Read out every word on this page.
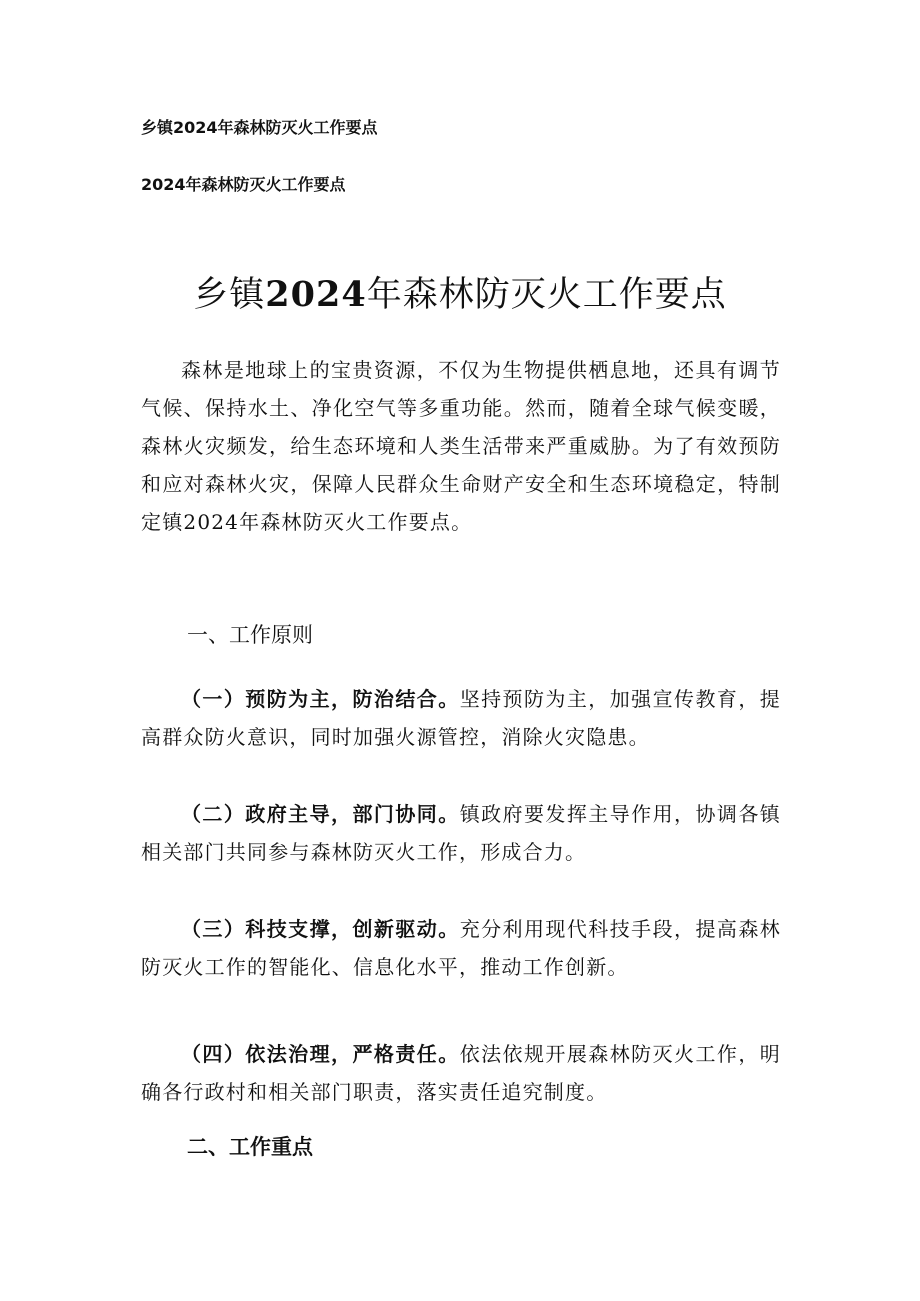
乡镇2024年森林防灭火工作要点
2024年森林防灭火工作要点
乡镇2024年森林防灭火工作要点

森林是地球上的宝贵资源，不仅为生物提供栖息地，还具有调节气候、保持水土、净化空气等多重功能。然而，随着全球气候变暖，森林火灾频发，给生态环境和人类生活带来严重威胁。为了有效预防和应对森林火灾，保障人民群众生命财产安全和生态环境稳定，特制定镇2024年森林防灭火工作要点。

一、工作原则

（一）预防为主，防治结合。坚持预防为主，加强宣传教育，提高群众防火意识，同时加强火源管控，消除火灾隐患。

（二）政府主导，部门协同。镇政府要发挥主导作用，协调各镇相关部门共同参与森林防灭火工作，形成合力。

（三）科技支撑，创新驱动。充分利用现代科技手段，提高森林防灭火工作的智能化、信息化水平，推动工作创新。

（四）依法治理，严格责任。依法依规开展森林防灭火工作，明确各行政村和相关部门职责，落实责任追究制度。

二、工作重点
